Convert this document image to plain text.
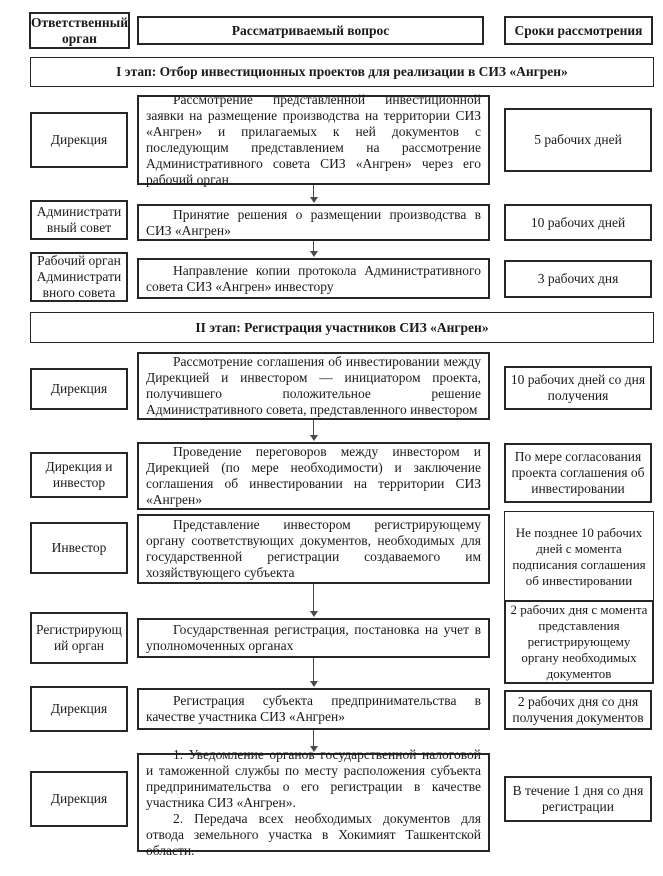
Ответственный орган
Рассматриваемый вопрос	Сроки рассмотрения
I этап: Отбор инвестиционных проектов для реализации в СИЗ «Ангрен»
Дирекция
Рассмотрение представленной инвестиционной заявки на размещение производства на территории СИЗ «Ангрен» и прилагаемых к ней документов с последующим представлением на рассмотрение Административного совета СИЗ «Ангрен» через его рабочий орган
5 рабочих дней
Административный совет
Принятие решения о размещении производства в СИЗ «Ангрен»
10 рабочих дней
Рабочий орган Административного совета
Направление копии протокола Административного совета СИЗ «Ангрен» инвестору	3 рабочих дня
II этап: Регистрация участников СИЗ «Ангрен»
Дирекция
Рассмотрение соглашения об инвестировании между Дирекцией и инвестором — инициатором проекта, получившего положительное решение Административного совета, представленного инвестором
10 рабочих дней со дня получения
Дирекция и инвестор
Проведение переговоров между инвестором и Дирекцией (по мере необходимости) и заключение соглашения об инвестировании на территории СИЗ «Ангрен»
По мере согласования проекта соглашения об инвестировании
Инвестор
Представление инвестором регистрирующему органу соответствующих документов, необходимых для государственной регистрации создаваемого им хозяйствующего субъекта
Не позднее 10 рабочих дней с момента подписания соглашения об инвестировании
Регистрирующий орган
Государственная регистрация, постановка на учет в уполномоченных органах
2 рабочих дня с момента представления регистрирующему органу необходимых документов
Дирекция
Регистрация субъекта предпринимательства в качестве участника СИЗ «Ангрен»
2 рабочих дня со дня получения документов
Дирекция

1. Уведомление органов государственной налоговой и таможенной службы по месту расположения субъекта предпринимательства о его регистрации в качестве участника СИЗ «Ангрен».

2. Передача всех необходимых документов для отвода земельного участка в Хокимият Ташкентской области.

В течение 1 дня со дня регистрации
